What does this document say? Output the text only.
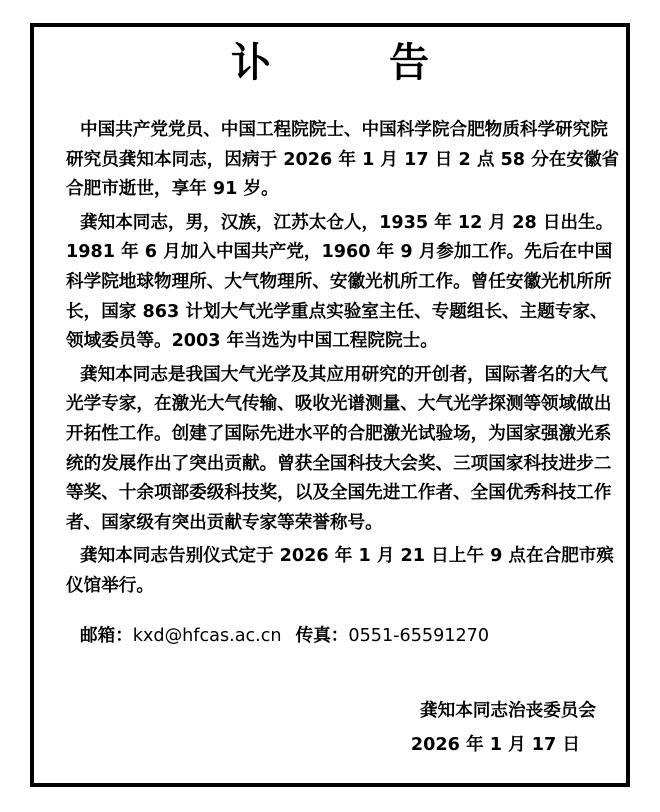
讣 告

中国共产党党员、中国工程院院士、中国科学院合肥物质科学研究院研究员龚知本同志，因病于 2026 年 1 月 17 日 2 点 58 分在安徽省合肥市逝世，享年 91 岁。

龚知本同志，男，汉族，江苏太仓人，1935 年 12 月 28 日出生。1981 年 6 月加入中国共产党，1960 年 9 月参加工作。先后在中国科学院地球物理所、大气物理所、安徽光机所工作。曾任安徽光机所所长，国家 863 计划大气光学重点实验室主任、专题组长、主题专家、领域委员等。2003 年当选为中国工程院院士。

龚知本同志是我国大气光学及其应用研究的开创者，国际著名的大气光学专家，在激光大气传输、吸收光谱测量、大气光学探测等领域做出开拓性工作。创建了国际先进水平的合肥激光试验场，为国家强激光系统的发展作出了突出贡献。曾获全国科技大会奖、三项国家科技进步二等奖、十余项部委级科技奖，以及全国先进工作者、全国优秀科技工作者、国家级有突出贡献专家等荣誉称号。

龚知本同志告别仪式定于 2026 年 1 月 21 日上午 9 点在合肥市殡仪馆举行。

邮箱：kxd@hfcas.ac.cn 传真：0551-65591270
龚知本同志治丧委员会
2026 年 1 月 17 日
